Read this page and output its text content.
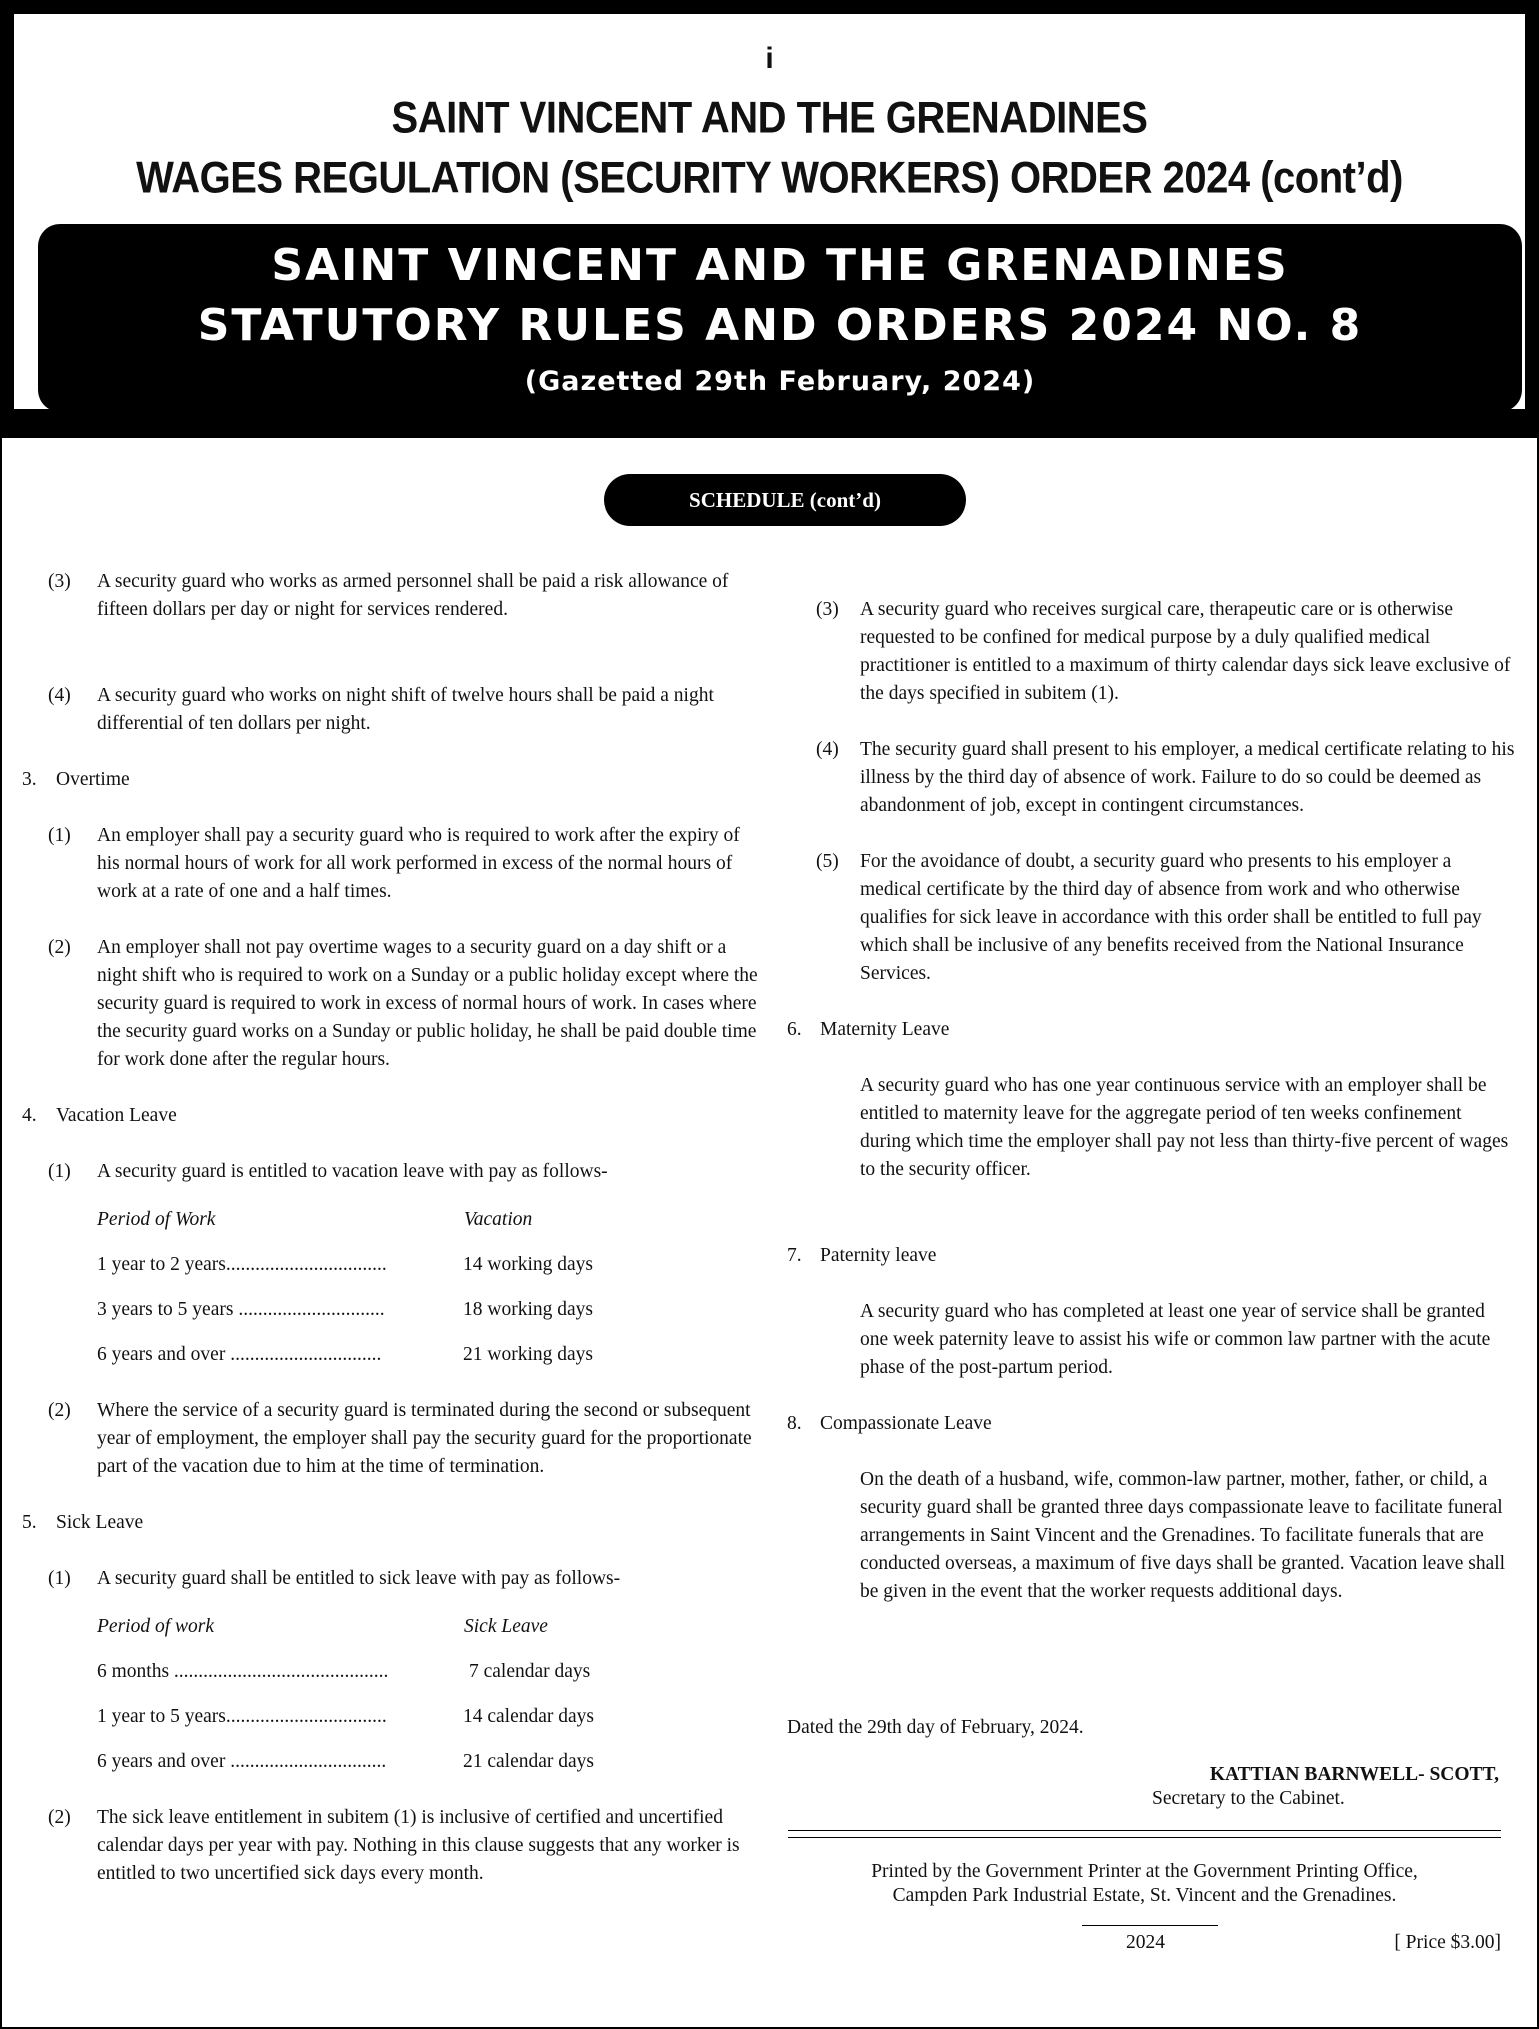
i
SAINT VINCENT AND THE GRENADINES
WAGES REGULATION (SECURITY WORKERS) ORDER 2024 (cont’d)
SAINT VINCENT AND THE GRENADINES
STATUTORY RULES AND ORDERS 2024 NO. 8
(Gazetted 29th February, 2024)
SCHEDULE (cont’d)
(3) A security guard who works as armed personnel shall be paid a risk allowance of fifteen dollars per day or night for services rendered.
(4) A security guard who works on night shift of twelve hours shall be paid a night differential of ten dollars per night.
3. Overtime
(1) An employer shall pay a security guard who is required to work after the expiry of his normal hours of work for all work performed in excess of the normal hours of work at a rate of one and a half times.
(2) An employer shall not pay overtime wages to a security guard on a day shift or a night shift who is required to work on a Sunday or a public holiday except where the security guard is required to work in excess of normal hours of work. In cases where the security guard works on a Sunday or public holiday, he shall be paid double time for work done after the regular hours.
4. Vacation Leave
(1) A security guard is entitled to vacation leave with pay as follows-
Period of Work	Vacation
1 year to 2 years.................................	14 working days
3 years to 5 years ..............................	18 working days
6 years and over ...............................	21 working days
(2) Where the service of a security guard is terminated during the second or subsequent year of employment, the employer shall pay the security guard for the proportionate part of the vacation due to him at the time of termination.
5. Sick Leave
(1) A security guard shall be entitled to sick leave with pay as follows-
Period of work	Sick Leave
6 months ............................................	7 calendar days
1 year to 5 years.................................	14 calendar days
6 years and over ................................	21 calendar days
(2) The sick leave entitlement in subitem (1) is inclusive of certified and uncertified calendar days per year with pay. Nothing in this clause suggests that any worker is entitled to two uncertified sick days every month.
(3) A security guard who receives surgical care, therapeutic care or is otherwise requested to be confined for medical purpose by a duly qualified medical practitioner is entitled to a maximum of thirty calendar days sick leave exclusive of the days specified in subitem (1).
(4) The security guard shall present to his employer, a medical certificate relating to his illness by the third day of absence of work. Failure to do so could be deemed as abandonment of job, except in contingent circumstances.
(5) For the avoidance of doubt, a security guard who presents to his employer a medical certificate by the third day of absence from work and who otherwise qualifies for sick leave in accordance with this order shall be entitled to full pay which shall be inclusive of any benefits received from the National Insurance Services.
6. Maternity Leave
A security guard who has one year continuous service with an employer shall be entitled to maternity leave for the aggregate period of ten weeks confinement during which time the employer shall pay not less than thirty-five percent of wages to the security officer.
7. Paternity leave
A security guard who has completed at least one year of service shall be granted one week paternity leave to assist his wife or common law partner with the acute phase of the post-partum period.
8. Compassionate Leave
On the death of a husband, wife, common-law partner, mother, father, or child, a security guard shall be granted three days compassionate leave to facilitate funeral arrangements in Saint Vincent and the Grenadines. To facilitate funerals that are conducted overseas, a maximum of five days shall be granted. Vacation leave shall be given in the event that the worker requests additional days.
Dated the 29th day of February, 2024.
KATTIAN BARNWELL- SCOTT,
Secretary to the Cabinet.
Printed by the Government Printer at the Government Printing Office,
Campden Park Industrial Estate, St. Vincent and the Grenadines.
2024	[ Price $3.00]
